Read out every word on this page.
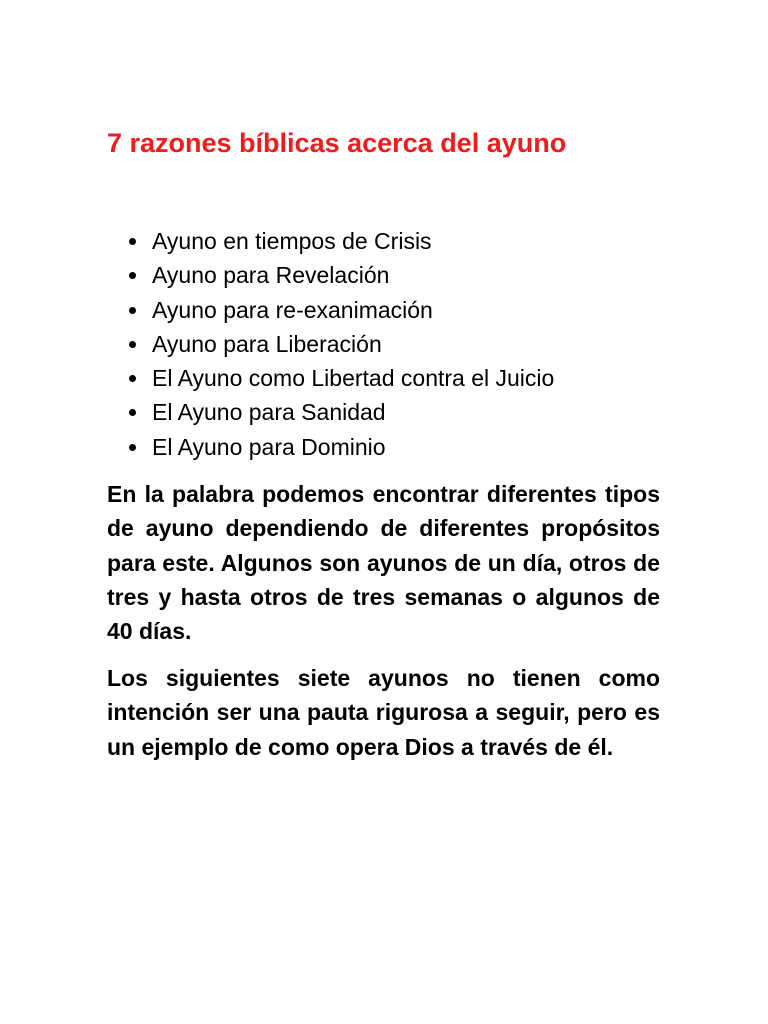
7 razones bíblicas acerca del ayuno
Ayuno en tiempos de Crisis
Ayuno para Revelación
Ayuno para re-exanimación
Ayuno para Liberación
El Ayuno como Libertad contra el Juicio
El Ayuno para Sanidad
El Ayuno para Dominio

En la palabra podemos encontrar diferentes tipos de ayuno dependiendo de diferentes propósitos para este. Algunos son ayunos de un día, otros de tres y hasta otros de tres semanas o algunos de 40 días.

Los siguientes siete ayunos no tienen como intención ser una pauta rigurosa a seguir, pero es un ejemplo de como opera Dios a través de él.
